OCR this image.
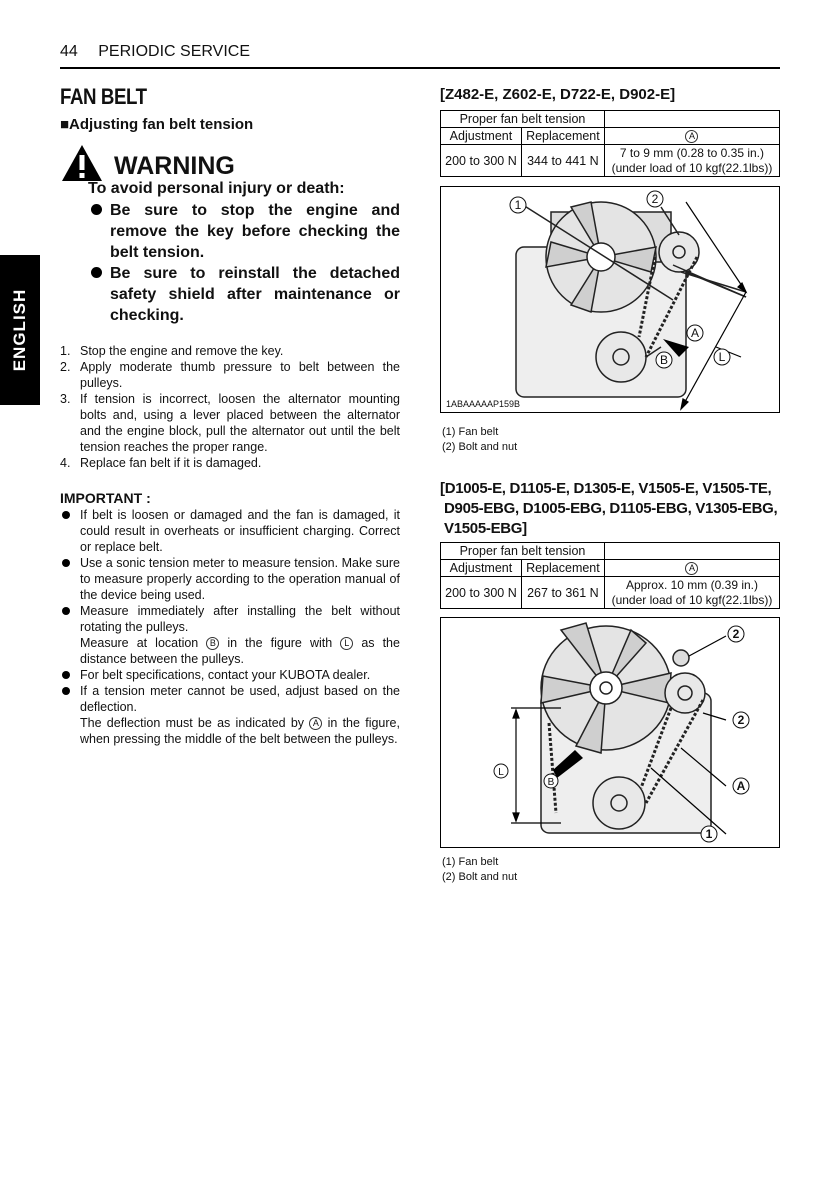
44 PERIODIC SERVICE
ENGLISH
FAN BELT
■Adjusting fan belt tension
WARNING
To avoid personal injury or death:
Be sure to stop the engine and remove the key before checking the belt tension.
Be sure to reinstall the detached safety shield after maintenance or checking.
1. Stop the engine and remove the key.
2. Apply moderate thumb pressure to belt between the pulleys.
3. If tension is incorrect, loosen the alternator mounting bolts and, using a lever placed between the alternator and the engine block, pull the alternator out until the belt tension reaches the proper range.
4. Replace fan belt if it is damaged.
IMPORTANT :
If belt is loosen or damaged and the fan is damaged, it could result in overheats or insufficient charging. Correct or replace belt.
Use a sonic tension meter to measure tension. Make sure to measure properly according to the operation manual of the device being used.
Measure immediately after installing the belt without rotating the pulleys.
Measure at location B in the figure with L as the distance between the pulleys.
For belt specifications, contact your KUBOTA dealer.
If a tension meter cannot be used, adjust based on the deflection.
The deflection must be as indicated by A in the figure, when pressing the middle of the belt between the pulleys.
[Z482-E, Z602-E, D722-E, D902-E]
Proper fan belt tension		
Adjustment	Replacement	A
200 to 300 N	344 to 441 N	7 to 9 mm (0.28 to 0.35 in.)
(under load of 10 kgf(22.1lbs))
1	2
A
B	L
1ABAAAAAP159B
(1) Fan belt
(2) Bolt and nut
[D1005-E, D1105-E, D1305-E, V1505-E, V1505-TE,
D905-EBG, D1005-EBG, D1105-EBG, V1305-EBG,
V1505-EBG]
Proper fan belt tension		
Adjustment	Replacement	A
200 to 300 N	267 to 361 N	Approx. 10 mm (0.39 in.)
(under load of 10 kgf(22.1lbs))
2
2
A
1
L
B
(1) Fan belt
(2) Bolt and nut
